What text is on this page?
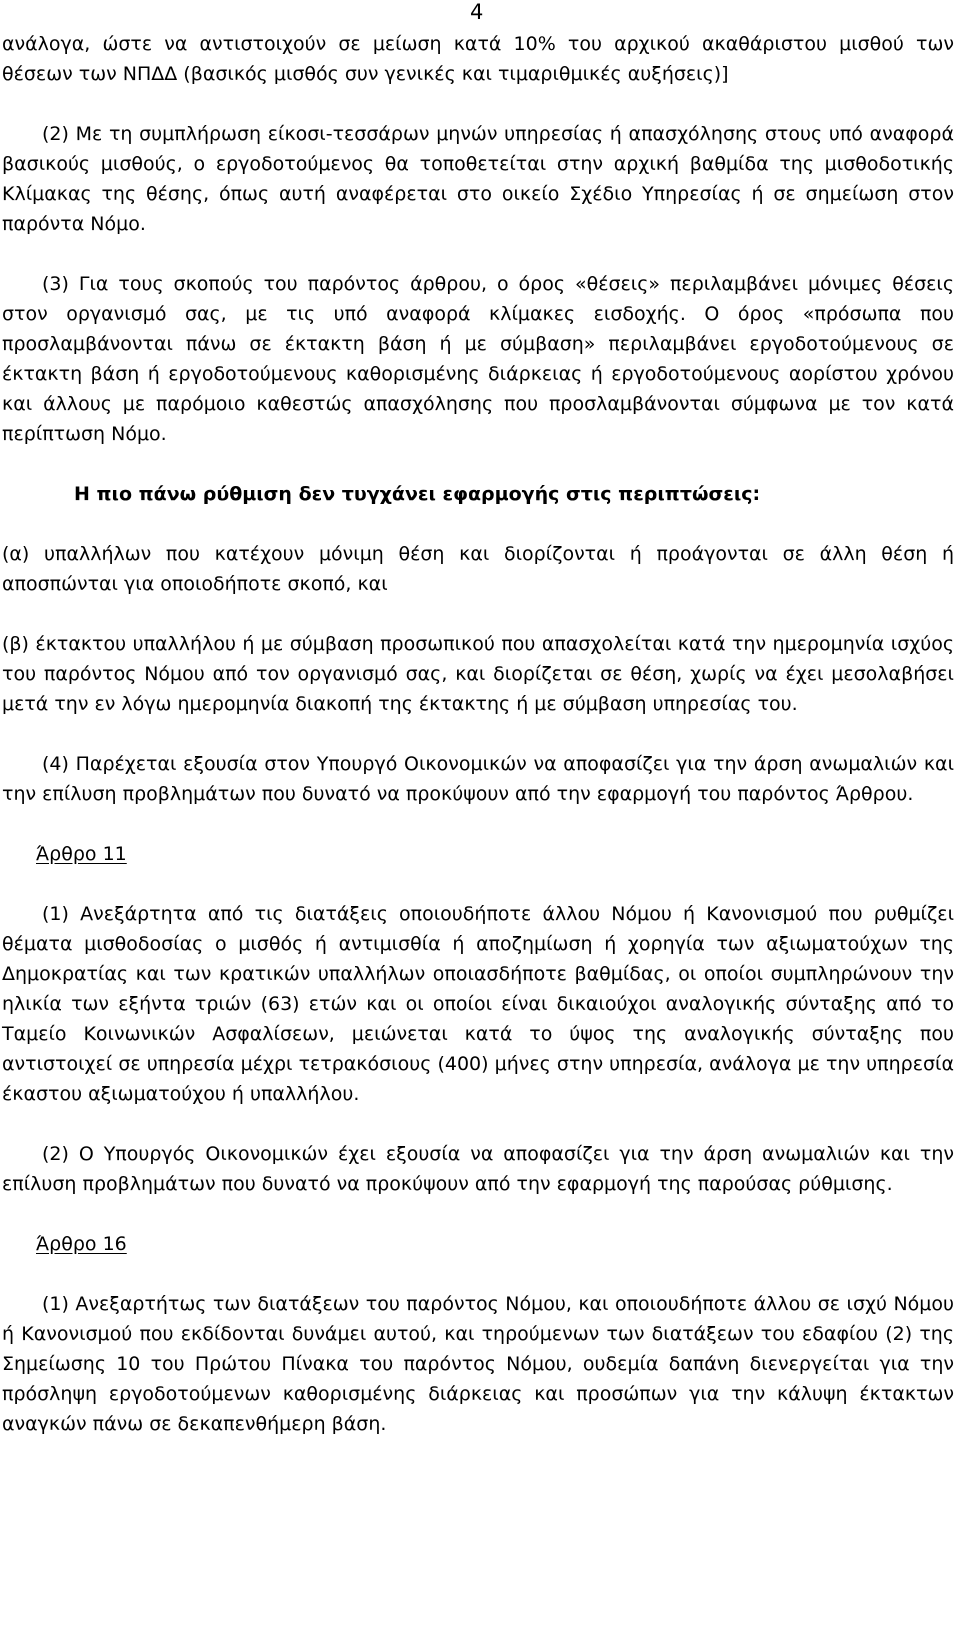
4

ανάλογα, ώστε να αντιστοιχούν σε μείωση κατά 10% του αρχικού ακαθάριστου μισθού των θέσεων των ΝΠΔΔ (βασικός μισθός συν γενικές και τιμαριθμικές αυξήσεις)]

(2) Με τη συμπλήρωση είκοσι-τεσσάρων μηνών υπηρεσίας ή απασχόλησης στους υπό αναφορά βασικούς μισθούς, ο εργοδοτούμενος θα τοποθετείται στην αρχική βαθμίδα της μισθοδοτικής Κλίμακας της θέσης, όπως αυτή αναφέρεται στο οικείο Σχέδιο Υπηρεσίας ή σε σημείωση στον παρόντα Νόμο.

(3) Για τους σκοπούς του παρόντος άρθρου, ο όρος «θέσεις» περιλαμβάνει μόνιμες θέσεις στον οργανισμό σας, με τις υπό αναφορά κλίμακες εισδοχής. Ο όρος «πρόσωπα που προσλαμβάνονται πάνω σε έκτακτη βάση ή με σύμβαση» περιλαμβάνει εργοδοτούμενους σε έκτακτη βάση ή εργοδοτούμενους καθορισμένης διάρκειας ή εργοδοτούμενους αορίστου χρόνου και άλλους με παρόμοιο καθεστώς απασχόλησης που προσλαμβάνονται σύμφωνα με τον κατά περίπτωση Νόμο.

Η πιο πάνω ρύθμιση δεν τυγχάνει εφαρμογής στις περιπτώσεις:

(α) υπαλλήλων που κατέχουν μόνιμη θέση και διορίζονται ή προάγονται σε άλλη θέση ή αποσπώνται για οποιοδήποτε σκοπό, και

(β) έκτακτου υπαλλήλου ή με σύμβαση προσωπικού που απασχολείται κατά την ημερομηνία ισχύος του παρόντος Νόμου από τον οργανισμό σας, και διορίζεται σε θέση, χωρίς να έχει μεσολαβήσει μετά την εν λόγω ημερομηνία διακοπή της έκτακτης ή με σύμβαση υπηρεσίας του.

(4) Παρέχεται εξουσία στον Υπουργό Οικονομικών να αποφασίζει για την άρση ανωμαλιών και την επίλυση προβλημάτων που δυνατό να προκύψουν από την εφαρμογή του παρόντος Άρθρου.

Άρθρο 11

(1) Ανεξάρτητα από τις διατάξεις οποιουδήποτε άλλου Νόμου ή Κανονισμού που ρυθμίζει θέματα μισθοδοσίας ο μισθός ή αντιμισθία ή αποζημίωση ή χορηγία των αξιωματούχων της Δημοκρατίας και των κρατικών υπαλλήλων οποιασδήποτε βαθμίδας, οι οποίοι συμπληρώνουν την ηλικία των εξήντα τριών (63) ετών και οι οποίοι είναι δικαιούχοι αναλογικής σύνταξης από το Ταμείο Κοινωνικών Ασφαλίσεων, μειώνεται κατά το ύψος της αναλογικής σύνταξης που αντιστοιχεί σε υπηρεσία μέχρι τετρακόσιους (400) μήνες στην υπηρεσία, ανάλογα με την υπηρεσία έκαστου αξιωματούχου ή υπαλλήλου.

(2) Ο Υπουργός Οικονομικών έχει εξουσία να αποφασίζει για την άρση ανωμαλιών και την επίλυση προβλημάτων που δυνατό να προκύψουν από την εφαρμογή της παρούσας ρύθμισης.

Άρθρο 16

(1) Ανεξαρτήτως των διατάξεων του παρόντος Νόμου, και οποιουδήποτε άλλου σε ισχύ Νόμου ή Κανονισμού που εκδίδονται δυνάμει αυτού, και τηρούμενων των διατάξεων του εδαφίου (2) της Σημείωσης 10 του Πρώτου Πίνακα του παρόντος Νόμου, ουδεμία δαπάνη διενεργείται για την πρόσληψη εργοδοτούμενων καθορισμένης διάρκειας και προσώπων για την κάλυψη έκτακτων αναγκών πάνω σε δεκαπενθήμερη βάση.
